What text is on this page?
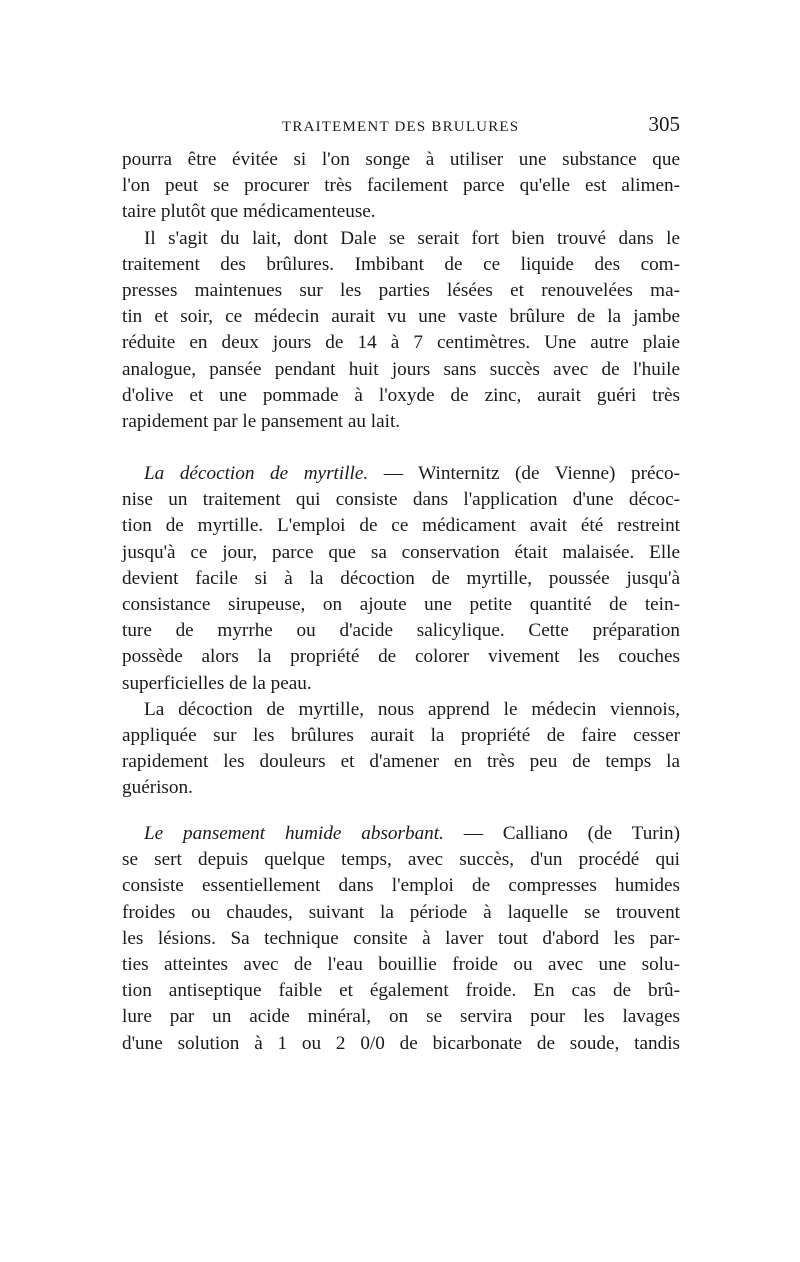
TRAITEMENT DES BRULURES	305
pourra être évitée si l'on songe à utiliser une substance que
l'on peut se procurer très facilement parce qu'elle est alimen-
taire plutôt que médicamenteuse.
Il s'agit du lait, dont Dale se serait fort bien trouvé dans le
traitement des brûlures. Imbibant de ce liquide des com-
presses maintenues sur les parties lésées et renouvelées ma-
tin et soir, ce médecin aurait vu une vaste brûlure de la jambe
réduite en deux jours de 14 à 7 centimètres. Une autre plaie
analogue, pansée pendant huit jours sans succès avec de l'huile
d'olive et une pommade à l'oxyde de zinc, aurait guéri très
rapidement par le pansement au lait.
La décoction de myrtille. — Winternitz (de Vienne) préco-
nise un traitement qui consiste dans l'application d'une décoc-
tion de myrtille. L'emploi de ce médicament avait été restreint
jusqu'à ce jour, parce que sa conservation était malaisée. Elle
devient facile si à la décoction de myrtille, poussée jusqu'à
consistance sirupeuse, on ajoute une petite quantité de tein-
ture de myrrhe ou d'acide salicylique. Cette préparation
possède alors la propriété de colorer vivement les couches
superficielles de la peau.
La décoction de myrtille, nous apprend le médecin viennois,
appliquée sur les brûlures aurait la propriété de faire cesser
rapidement les douleurs et d'amener en très peu de temps la
guérison.
Le pansement humide absorbant. — Calliano (de Turin)
se sert depuis quelque temps, avec succès, d'un procédé qui
consiste essentiellement dans l'emploi de compresses humides
froides ou chaudes, suivant la période à laquelle se trouvent
les lésions. Sa technique consite à laver tout d'abord les par-
ties atteintes avec de l'eau bouillie froide ou avec une solu-
tion antiseptique faible et également froide. En cas de brû-
lure par un acide minéral, on se servira pour les lavages
d'une solution à 1 ou 2 0/0 de bicarbonate de soude, tandis
